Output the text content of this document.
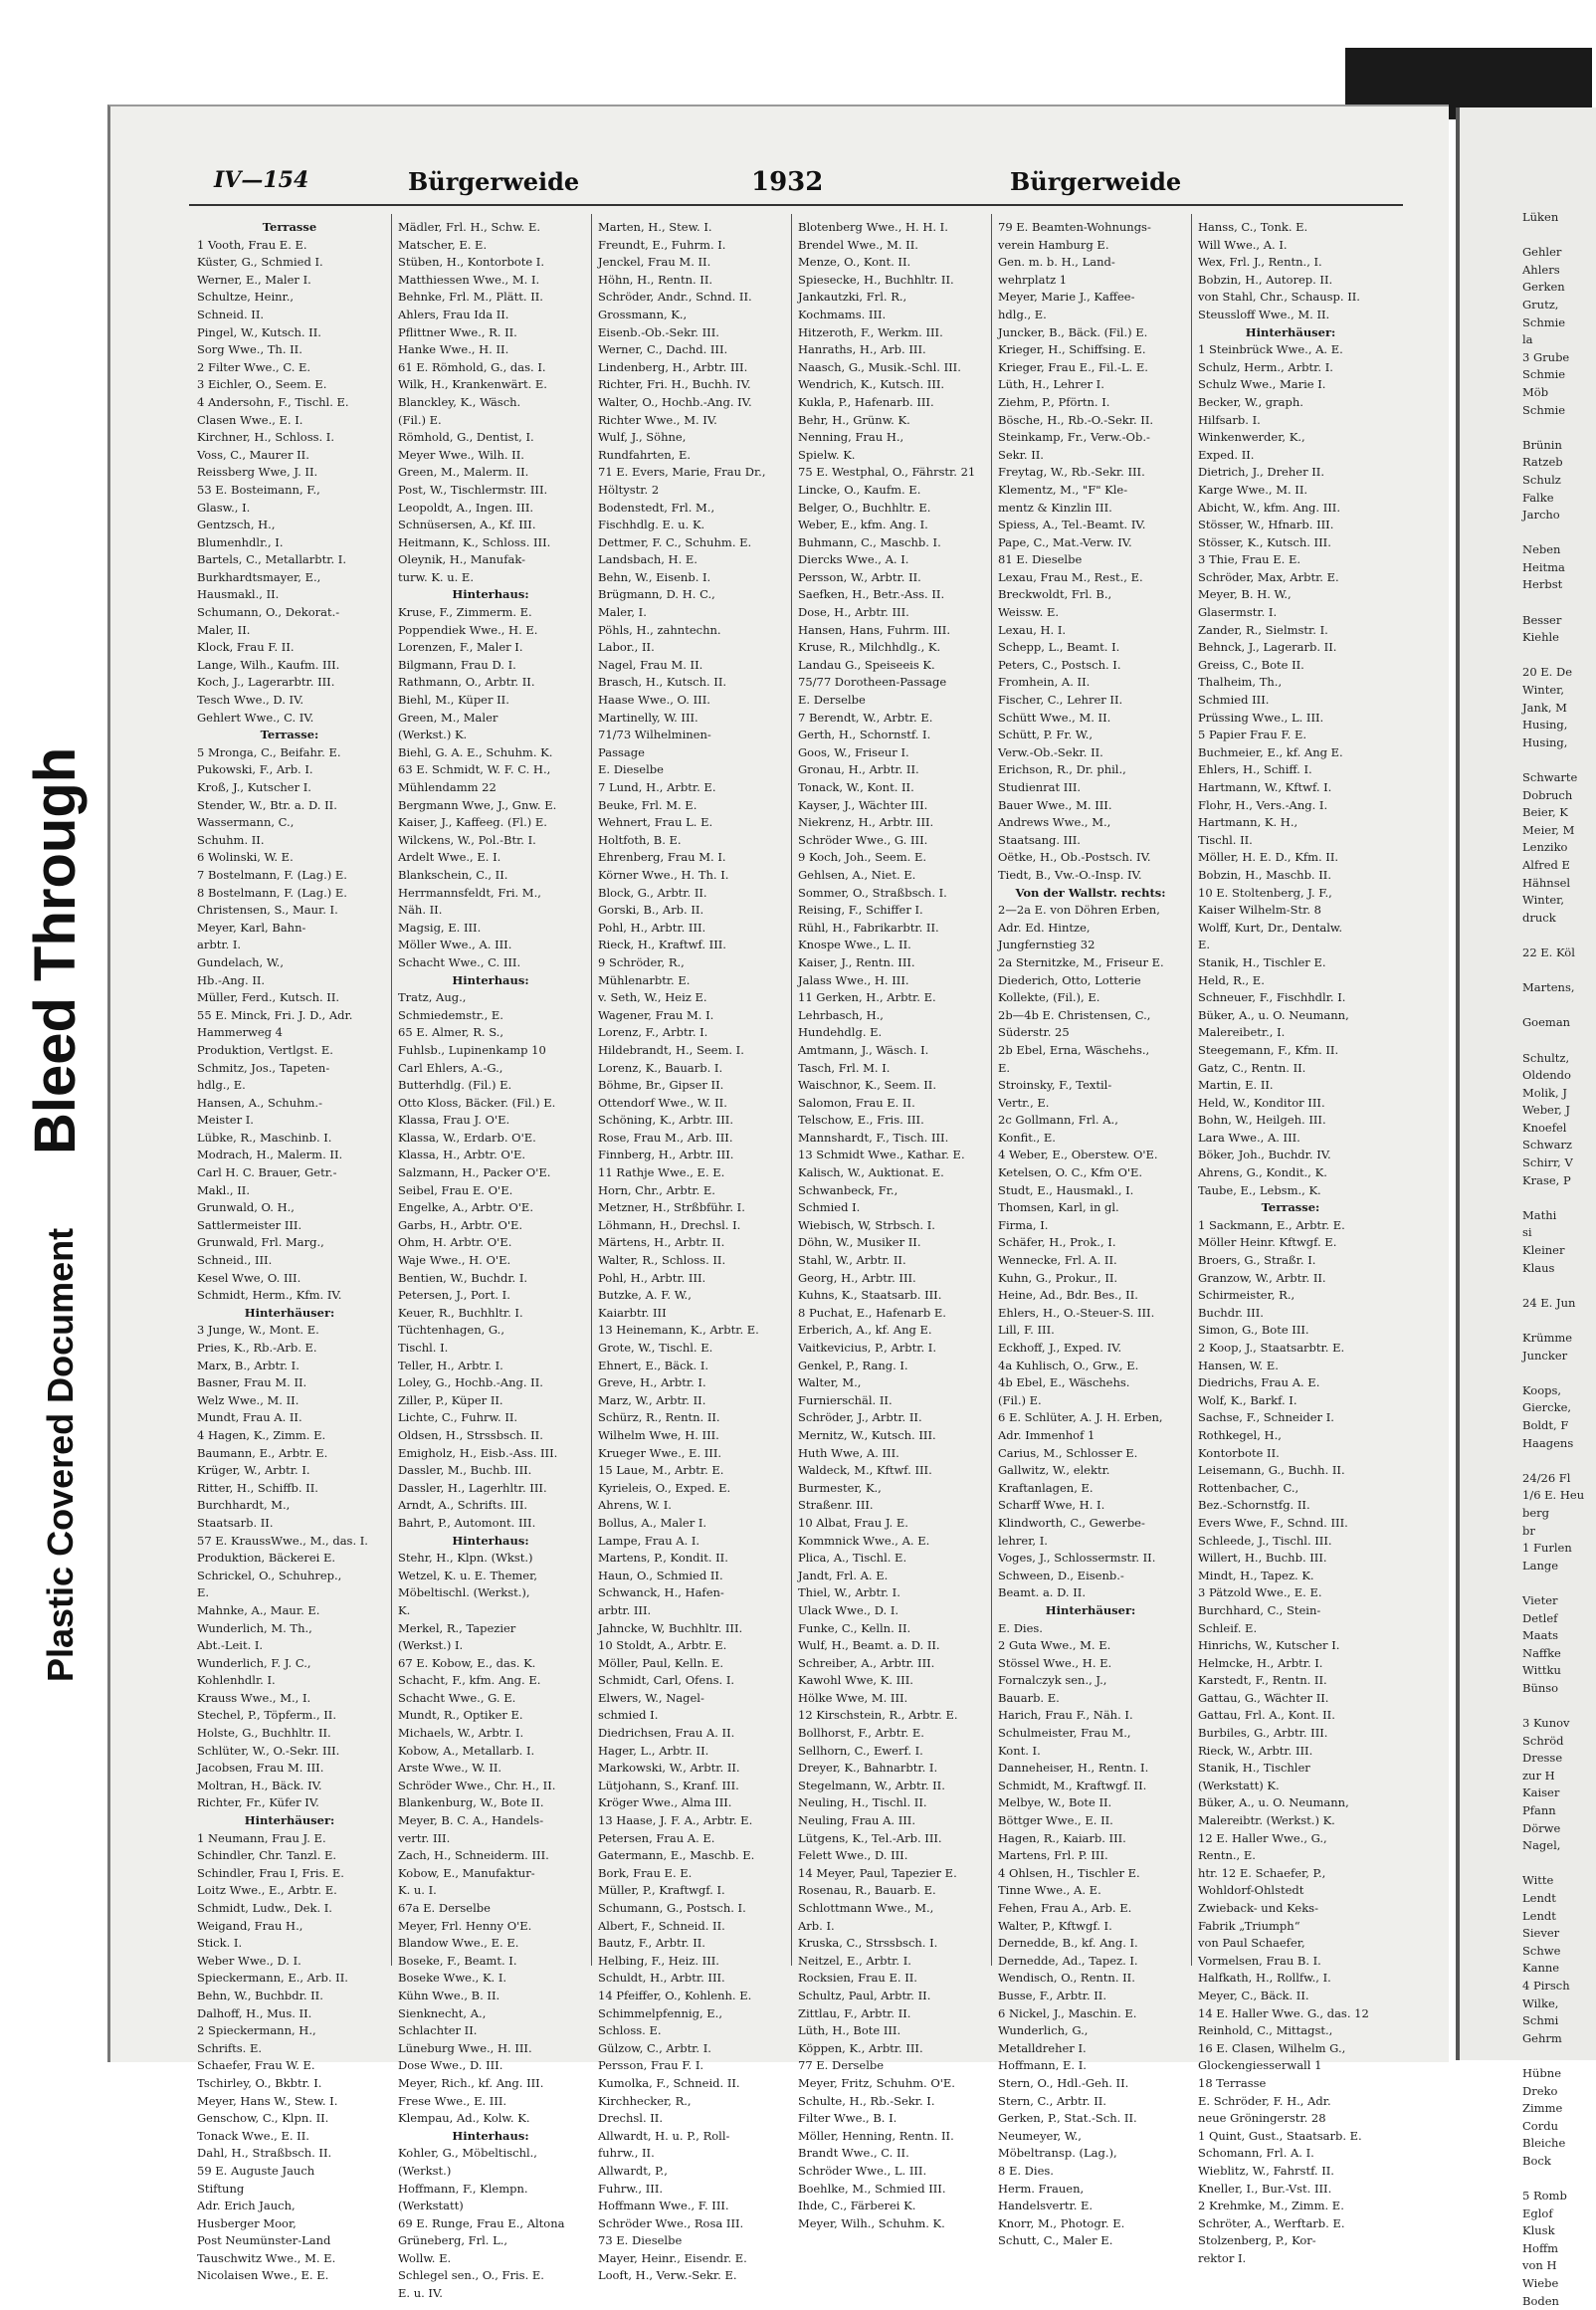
Bleed Through
Plastic Covered Document
IV—154	Bürgerweide	1932	Bürgerweide
Terrasse
1 Vooth, Frau E. E.
Küster, G., Schmied I.
Werner, E., Maler I.
Schultze, Heinr.,
Schneid. II.
Pingel, W., Kutsch. II.
Sorg Wwe., Th. II.
2 Filter Wwe., C. E.
3 Eichler, O., Seem. E.
4 Andersohn, F., Tischl. E.
Clasen Wwe., E. I.
Kirchner, H., Schloss. I.
Voss, C., Maurer II.
Reissberg Wwe, J. II.
53 E. Bosteimann, F.,
Glasw., I.
Gentzsch, H.,
Blumenhdlr., I.
Bartels, C., Metallarbtr. I.
Burkhardtsmayer, E.,
Hausmakl., II.
Schumann, O., Dekorat.-
Maler, II.
Klock, Frau F. II.
Lange, Wilh., Kaufm. III.
Koch, J., Lagerarbtr. III.
Tesch Wwe., D. IV.
Gehlert Wwe., C. IV.
Terrasse:
5 Mronga, C., Beifahr. E.
Pukowski, F., Arb. I.
Kroß, J., Kutscher I.
Stender, W., Btr. a. D. II.
Wassermann, C.,
Schuhm. II.
6 Wolinski, W. E.
7 Bostelmann, F. (Lag.) E.
8 Bostelmann, F. (Lag.) E.
Christensen, S., Maur. I.
Meyer, Karl, Bahn-
arbtr. I.
Gundelach, W.,
Hb.-Ang. II.
Müller, Ferd., Kutsch. II.
55 E. Minck, Fri. J. D., Adr.
Hammerweg 4
Produktion, Vertlgst. E.
Schmitz, Jos., Tapeten-
hdlg., E.
Hansen, A., Schuhm.-
Meister I.
Lübke, R., Maschinb. I.
Modrach, H., Malerm. II.
Carl H. C. Brauer, Getr.-
Makl., II.
Grunwald, O. H.,
Sattlermeister III.
Grunwald, Frl. Marg.,
Schneid., III.
Kesel Wwe, O. III.
Schmidt, Herm., Kfm. IV.
Hinterhäuser:
3 Junge, W., Mont. E.
Pries, K., Rb.-Arb. E.
Marx, B., Arbtr. I.
Basner, Frau M. II.
Welz Wwe., M. II.
Mundt, Frau A. II.
4 Hagen, K., Zimm. E.
Baumann, E., Arbtr. E.
Krüger, W., Arbtr. I.
Ritter, H., Schiffb. II.
Burchhardt, M.,
Staatsarb. II.
57 E. KraussWwe., M., das. I.
Produktion, Bäckerei E.
Schrickel, O., Schuhrep.,
E.
Mahnke, A., Maur. E.
Wunderlich, M. Th.,
Abt.-Leit. I.
Wunderlich, F. J. C.,
Kohlenhdlr. I.
Krauss Wwe., M., I.
Stechel, P., Töpferm., II.
Holste, G., Buchhltr. II.
Schlüter, W., O.-Sekr. III.
Jacobsen, Frau M. III.
Moltran, H., Bäck. IV.
Richter, Fr., Küfer IV.
Hinterhäuser:
1 Neumann, Frau J. E.
Schindler, Chr. Tanzl. E.
Schindler, Frau I, Fris. E.
Loitz Wwe., E., Arbtr. E.
Schmidt, Ludw., Dek. I.
Weigand, Frau H.,
Stick. I.
Weber Wwe., D. I.
Spieckermann, E., Arb. II.
Behn, W., Buchbdr. II.
Dalhoff, H., Mus. II.
2 Spieckermann, H.,
Schrifts. E.
Schaefer, Frau W. E.
Tschirley, O., Bkbtr. I.
Meyer, Hans W., Stew. I.
Genschow, C., Klpn. II.
Tonack Wwe., E. II.
Dahl, H., Straßbsch. II.
59 E. Auguste Jauch
Stiftung
Adr. Erich Jauch,
Husberger Moor,
Post Neumünster-Land
Tauschwitz Wwe., M. E.
Nicolaisen Wwe., E. E.
Mädler, Frl. H., Schw. E.
Matscher, E. E.
Stüben, H., Kontorbote I.
Matthiessen Wwe., M. I.
Behnke, Frl. M., Plätt. II.
Ahlers, Frau Ida II.
Pflittner Wwe., R. II.
Hanke Wwe., H. II.
61 E. Römhold, G., das. I.
Wilk, H., Krankenwärt. E.
Blanckley, K., Wäsch.
(Fil.) E.
Römhold, G., Dentist, I.
Meyer Wwe., Wilh. II.
Green, M., Malerm. II.
Post, W., Tischlermstr. III.
Leopoldt, A., Ingen. III.
Schnüsersen, A., Kf. III.
Heitmann, K., Schloss. III.
Oleynik, H., Manufak-
turw. K. u. E.
Hinterhaus:
Kruse, F., Zimmerm. E.
Poppendiek Wwe., H. E.
Lorenzen, F., Maler I.
Bilgmann, Frau D. I.
Rathmann, O., Arbtr. II.
Biehl, M., Küper II.
Green, M., Maler
(Werkst.) K.
Biehl, G. A. E., Schuhm. K.
63 E. Schmidt, W. F. C. H.,
Mühlendamm 22
Bergmann Wwe, J., Gnw. E.
Kaiser, J., Kaffeeg. (Fl.) E.
Wilckens, W., Pol.-Btr. I.
Ardelt Wwe., E. I.
Blankschein, C., II.
Herrmannsfeldt, Fri. M.,
Näh. II.
Magsig, E. III.
Möller Wwe., A. III.
Schacht Wwe., C. III.
Hinterhaus:
Tratz, Aug.,
Schmiedemstr., E.
65 E. Almer, R. S.,
Fuhlsb., Lupinenkamp 10
Carl Ehlers, A.-G.,
Butterhdlg. (Fil.) E.
Otto Kloss, Bäcker. (Fil.) E.
Klassa, Frau J. O'E.
Klassa, W., Erdarb. O'E.
Klassa, H., Arbtr. O'E.
Salzmann, H., Packer O'E.
Seibel, Frau E. O'E.
Engelke, A., Arbtr. O'E.
Garbs, H., Arbtr. O'E.
Ohm, H. Arbtr. O'E.
Waje Wwe., H. O'E.
Bentien, W., Buchdr. I.
Petersen, J., Port. I.
Keuer, R., Buchhltr. I.
Tüchtenhagen, G.,
Tischl. I.
Teller, H., Arbtr. I.
Loley, G., Hochb.-Ang. II.
Ziller, P., Küper II.
Lichte, C., Fuhrw. II.
Oldsen, H., Strssbsch. II.
Emigholz, H., Eisb.-Ass. III.
Dassler, M., Buchb. III.
Dassler, H., Lagerhltr. III.
Arndt, A., Schrifts. III.
Bahrt, P., Automont. III.
Hinterhaus:
Stehr, H., Klpn. (Wkst.)
Wetzel, K. u. E. Themer,
Möbeltischl. (Werkst.),
K.
Merkel, R., Tapezier
(Werkst.) I.
67 E. Kobow, E., das. K.
Schacht, F., kfm. Ang. E.
Schacht Wwe., G. E.
Mundt, R., Optiker E.
Michaels, W., Arbtr. I.
Kobow, A., Metallarb. I.
Arste Wwe., W. II.
Schröder Wwe., Chr. H., II.
Blankenburg, W., Bote II.
Meyer, B. C. A., Handels-
vertr. III.
Zach, H., Schneiderm. III.
Kobow, E., Manufaktur-
K. u. I.
67a E. Derselbe
Meyer, Frl. Henny O'E.
Blandow Wwe., E. E.
Boseke, F., Beamt. I.
Boseke Wwe., K. I.
Kühn Wwe., B. II.
Sienknecht, A.,
Schlachter II.
Lüneburg Wwe., H. III.
Dose Wwe., D. III.
Meyer, Rich., kf. Ang. III.
Frese Wwe., E. III.
Klempau, Ad., Kolw. K.
Hinterhaus:
Kohler, G., Möbeltischl.,
(Werkst.)
Hoffmann, F., Klempn.
(Werkstatt)
69 E. Runge, Frau E., Altona
Grüneberg, Frl. L.,
Wollw. E.
Schlegel sen., O., Fris. E.
E. u. IV.
Marten, H., Stew. I.
Freundt, E., Fuhrm. I.
Jenckel, Frau M. II.
Höhn, H., Rentn. II.
Schröder, Andr., Schnd. II.
Grossmann, K.,
Eisenb.-Ob.-Sekr. III.
Werner, C., Dachd. III.
Lindenberg, H., Arbtr. III.
Richter, Fri. H., Buchh. IV.
Walter, O., Hochb.-Ang. IV.
Richter Wwe., M. IV.
Wulf, J., Söhne,
Rundfahrten, E.
71 E. Evers, Marie, Frau Dr.,
Höltystr. 2
Bodenstedt, Frl. M.,
Fischhdlg. E. u. K.
Dettmer, F. C., Schuhm. E.
Landsbach, H. E.
Behn, W., Eisenb. I.
Brügmann, D. H. C.,
Maler, I.
Pöhls, H., zahntechn.
Labor., II.
Nagel, Frau M. II.
Brasch, H., Kutsch. II.
Haase Wwe., O. III.
Martinelly, W. III.
71/73 Wilhelminen-
Passage
E. Dieselbe
7 Lund, H., Arbtr. E.
Beuke, Frl. M. E.
Wehnert, Frau L. E.
Holtfoth, B. E.
Ehrenberg, Frau M. I.
Körner Wwe., H. Th. I.
Block, G., Arbtr. II.
Gorski, B., Arb. II.
Pohl, H., Arbtr. III.
Rieck, H., Kraftwf. III.
9 Schröder, R.,
Mühlenarbtr. E.
v. Seth, W., Heiz E.
Wagener, Frau M. I.
Lorenz, F., Arbtr. I.
Hildebrandt, H., Seem. I.
Lorenz, K., Bauarb. I.
Böhme, Br., Gipser II.
Ottendorf Wwe., W. II.
Schöning, K., Arbtr. III.
Rose, Frau M., Arb. III.
Finnberg, H., Arbtr. III.
11 Rathje Wwe., E. E.
Horn, Chr., Arbtr. E.
Metzner, H., Strßbführ. I.
Löhmann, H., Drechsl. I.
Märtens, H., Arbtr. II.
Walter, R., Schloss. II.
Pohl, H., Arbtr. III.
Butzke, A. F. W.,
Kaiarbtr. III
13 Heinemann, K., Arbtr. E.
Grote, W., Tischl. E.
Ehnert, E., Bäck. I.
Greve, H., Arbtr. I.
Marz, W., Arbtr. II.
Schürz, R., Rentn. II.
Wilhelm Wwe, H. III.
Krueger Wwe., E. III.
15 Laue, M., Arbtr. E.
Kyrieleis, O., Exped. E.
Ahrens, W. I.
Bollus, A., Maler I.
Lampe, Frau A. I.
Martens, P., Kondit. II.
Haun, O., Schmied II.
Schwanck, H., Hafen-
arbtr. III.
Jahncke, W, Buchhltr. III.
10 Stoldt, A., Arbtr. E.
Möller, Paul, Kelln. E.
Schmidt, Carl, Ofens. I.
Elwers, W., Nagel-
schmied I.
Diedrichsen, Frau A. II.
Hager, L., Arbtr. II.
Markowski, W., Arbtr. II.
Lütjohann, S., Kranf. III.
Kröger Wwe., Alma III.
13 Haase, J. F. A., Arbtr. E.
Petersen, Frau A. E.
Gatermann, E., Maschb. E.
Bork, Frau E. E.
Müller, P., Kraftwgf. I.
Schumann, G., Postsch. I.
Albert, F., Schneid. II.
Bautz, F., Arbtr. II.
Helbing, F., Heiz. III.
Schuldt, H., Arbtr. III.
14 Pfeiffer, O., Kohlenh. E.
Schimmelpfennig, E.,
Schloss. E.
Gülzow, C., Arbtr. I.
Persson, Frau F. I.
Kumolka, F., Schneid. II.
Kirchhecker, R.,
Drechsl. II.
Allwardt, H. u. P., Roll-
fuhrw., II.
Allwardt, P.,
Fuhrw., III.
Hoffmann Wwe., F. III.
Schröder Wwe., Rosa III.
73 E. Dieselbe
Mayer, Heinr., Eisendr. E.
Looft, H., Verw.-Sekr. E.
Blotenberg Wwe., H. H. I.
Brendel Wwe., M. II.
Menze, O., Kont. II.
Spiesecke, H., Buchhltr. II.
Jankautzki, Frl. R.,
Kochmams. III.
Hitzeroth, F., Werkm. III.
Hanraths, H., Arb. III.
Naasch, G., Musik.-Schl. III.
Wendrich, K., Kutsch. III.
Kukla, P., Hafenarb. III.
Behr, H., Grünw. K.
Nenning, Frau H.,
Spielw. K.
75 E. Westphal, O., Fährstr. 21
Lincke, O., Kaufm. E.
Belger, O., Buchhltr. E.
Weber, E., kfm. Ang. I.
Buhmann, C., Maschb. I.
Diercks Wwe., A. I.
Persson, W., Arbtr. II.
Saefken, H., Betr.-Ass. II.
Dose, H., Arbtr. III.
Hansen, Hans, Fuhrm. III.
Kruse, R., Milchhdlg., K.
Landau G., Speiseeis K.
75/77 Dorotheen-Passage
E. Derselbe
7 Berendt, W., Arbtr. E.
Gerth, H., Schornstf. I.
Goos, W., Friseur I.
Gronau, H., Arbtr. II.
Tonack, W., Kont. II.
Kayser, J., Wächter III.
Niekrenz, H., Arbtr. III.
Schröder Wwe., G. III.
9 Koch, Joh., Seem. E.
Gehlsen, A., Niet. E.
Sommer, O., Straßbsch. I.
Reising, F., Schiffer I.
Rühl, H., Fabrikarbtr. II.
Knospe Wwe., L. II.
Kaiser, J., Rentn. III.
Jalass Wwe., H. III.
11 Gerken, H., Arbtr. E.
Lehrbasch, H.,
Hundehdlg. E.
Amtmann, J., Wäsch. I.
Tasch, Frl. M. I.
Waischnor, K., Seem. II.
Salomon, Frau E. II.
Telschow, E., Fris. III.
Mannshardt, F., Tisch. III.
13 Schmidt Wwe., Kathar. E.
Kalisch, W., Auktionat. E.
Schwanbeck, Fr.,
Schmied I.
Wiebisch, W, Strbsch. I.
Döhn, W., Musiker II.
Stahl, W., Arbtr. II.
Georg, H., Arbtr. III.
Kuhns, K., Staatsarb. III.
8 Puchat, E., Hafenarb E.
Erberich, A., kf. Ang E.
Vaitkevicius, P., Arbtr. I.
Genkel, P., Rang. I.
Walter, M.,
Furnierschäl. II.
Schröder, J., Arbtr. II.
Mernitz, W., Kutsch. III.
Huth Wwe, A. III.
Waldeck, M., Kftwf. III.
Burmester, K.,
Straßenr. III.
10 Albat, Frau J. E.
Kommnick Wwe., A. E.
Plica, A., Tischl. E.
Jandt, Frl. A. E.
Thiel, W., Arbtr. I.
Ulack Wwe., D. I.
Funke, C., Kelln. II.
Wulf, H., Beamt. a. D. II.
Schreiber, A., Arbtr. III.
Kawohl Wwe, K. III.
Hölke Wwe, M. III.
12 Kirschstein, R., Arbtr. E.
Bollhorst, F., Arbtr. E.
Sellhorn, C., Ewerf. I.
Dreyer, K., Bahnarbtr. I.
Stegelmann, W., Arbtr. II.
Neuling, H., Tischl. II.
Neuling, Frau A. III.
Lütgens, K., Tel.-Arb. III.
Felett Wwe., D. III.
14 Meyer, Paul, Tapezier E.
Rosenau, R., Bauarb. E.
Schlottmann Wwe., M.,
Arb. I.
Kruska, C., Strssbsch. I.
Neitzel, E., Arbtr. I.
Rocksien, Frau E. II.
Schultz, Paul, Arbtr. II.
Zittlau, F., Arbtr. II.
Lüth, H., Bote III.
Köppen, K., Arbtr. III.
77 E. Derselbe
Meyer, Fritz, Schuhm. O'E.
Schulte, H., Rb.-Sekr. I.
Filter Wwe., B. I.
Möller, Henning, Rentn. II.
Brandt Wwe., C. II.
Schröder Wwe., L. III.
Boehlke, M., Schmied III.
Ihde, C., Färberei K.
Meyer, Wilh., Schuhm. K.
79 E. Beamten-Wohnungs-
verein Hamburg E.
Gen. m. b. H., Land-
wehrplatz 1
Meyer, Marie J., Kaffee-
hdlg., E.
Juncker, B., Bäck. (Fil.) E.
Krieger, H., Schiffsing. E.
Krieger, Frau E., Fil.-L. E.
Lüth, H., Lehrer I.
Ziehm, P., Pförtn. I.
Bösche, H., Rb.-O.-Sekr. II.
Steinkamp, Fr., Verw.-Ob.-
Sekr. II.
Freytag, W., Rb.-Sekr. III.
Klementz, M., "F" Kle-
mentz & Kinzlin III.
Spiess, A., Tel.-Beamt. IV.
Pape, C., Mat.-Verw. IV.
81 E. Dieselbe
Lexau, Frau M., Rest., E.
Breckwoldt, Frl. B.,
Weissw. E.
Lexau, H. I.
Schepp, L., Beamt. I.
Peters, C., Postsch. I.
Fromhein, A. II.
Fischer, C., Lehrer II.
Schütt Wwe., M. II.
Schütt, P. Fr. W.,
Verw.-Ob.-Sekr. II.
Erichson, R., Dr. phil.,
Studienrat III.
Bauer Wwe., M. III.
Andrews Wwe., M.,
Staatsang. III.
Oëtke, H., Ob.-Postsch. IV.
Tiedt, B., Vw.-O.-Insp. IV.
Von der Wallstr. rechts:
2—2a E. von Döhren Erben,
Adr. Ed. Hintze,
Jungfernstieg 32
2a Sternitzke, M., Friseur E.
Diederich, Otto, Lotterie
Kollekte, (Fil.), E.
2b—4b E. Christensen, C.,
Süderstr. 25
2b Ebel, Erna, Wäschehs.,
E.
Stroinsky, F., Textil-
Vertr., E.
2c Gollmann, Frl. A.,
Konfit., E.
4 Weber, E., Oberstew. O'E.
Ketelsen, O. C., Kfm O'E.
Studt, E., Hausmakl., I.
Thomsen, Karl, in gl.
Firma, I.
Schäfer, H., Prok., I.
Wennecke, Frl. A. II.
Kuhn, G., Prokur., II.
Heine, Ad., Bdr. Bes., II.
Ehlers, H., O.-Steuer-S. III.
Lill, F. III.
Eckhoff, J., Exped. IV.
4a Kuhlisch, O., Grw., E.
4b Ebel, E., Wäschehs.
(Fil.) E.
6 E. Schlüter, A. J. H. Erben,
Adr. Immenhof 1
Carius, M., Schlosser E.
Gallwitz, W., elektr.
Kraftanlagen, E.
Scharff Wwe, H. I.
Klindworth, C., Gewerbe-
lehrer, I.
Voges, J., Schlossermstr. II.
Schween, D., Eisenb.-
Beamt. a. D. II.
Hinterhäuser:
E. Dies.
2 Guta Wwe., M. E.
Stössel Wwe., H. E.
Fornalczyk sen., J.,
Bauarb. E.
Harich, Frau F., Näh. I.
Schulmeister, Frau M.,
Kont. I.
Danneheiser, H., Rentn. I.
Schmidt, M., Kraftwgf. II.
Melbye, W., Bote II.
Böttger Wwe., E. II.
Hagen, R., Kaiarb. III.
Martens, Frl. P. III.
4 Ohlsen, H., Tischler E.
Tinne Wwe., A. E.
Fehen, Frau A., Arb. E.
Walter, P., Kftwgf. I.
Dernedde, B., kf. Ang. I.
Dernedde, Ad., Tapez. I.
Wendisch, O., Rentn. II.
Busse, F., Arbtr. II.
6 Nickel, J., Maschin. E.
Wunderlich, G.,
Metalldreher I.
Hoffmann, E. I.
Stern, O., Hdl.-Geh. II.
Stern, C., Arbtr. II.
Gerken, P., Stat.-Sch. II.
Neumeyer, W.,
Möbeltransp. (Lag.),
8 E. Dies.
Herm. Frauen,
Handelsvertr. E.
Knorr, M., Photogr. E.
Schutt, C., Maler E.
Hanss, C., Tonk. E.
Will Wwe., A. I.
Wex, Frl. J., Rentn., I.
Bobzin, H., Autorep. II.
von Stahl, Chr., Schausp. II.
Steussloff Wwe., M. II.
Hinterhäuser:
1 Steinbrück Wwe., A. E.
Schulz, Herm., Arbtr. I.
Schulz Wwe., Marie I.
Becker, W., graph.
Hilfsarb. I.
Winkenwerder, K.,
Exped. II.
Dietrich, J., Dreher II.
Karge Wwe., M. II.
Abicht, W., kfm. Ang. III.
Stösser, W., Hfnarb. III.
Stösser, K., Kutsch. III.
3 Thie, Frau E. E.
Schröder, Max, Arbtr. E.
Meyer, B. H. W.,
Glasermstr. I.
Zander, R., Sielmstr. I.
Behnck, J., Lagerarb. II.
Greiss, C., Bote II.
Thalheim, Th.,
Schmied III.
Prüssing Wwe., L. III.
5 Papier Frau F. E.
Buchmeier, E., kf. Ang E.
Ehlers, H., Schiff. I.
Hartmann, W., Kftwf. I.
Flohr, H., Vers.-Ang. I.
Hartmann, K. H.,
Tischl. II.
Möller, H. E. D., Kfm. II.
Bobzin, H., Maschb. II.
10 E. Stoltenberg, J. F.,
Kaiser Wilhelm-Str. 8
Wolff, Kurt, Dr., Dentalw.
E.
Stanik, H., Tischler E.
Held, R., E.
Schneuer, F., Fischhdlr. I.
Büker, A., u. O. Neumann,
Malereibetr., I.
Steegemann, F., Kfm. II.
Gatz, C., Rentn. II.
Martin, E. II.
Held, W., Konditor III.
Bohn, W., Heilgeh. III.
Lara Wwe., A. III.
Böker, Joh., Buchdr. IV.
Ahrens, G., Kondit., K.
Taube, E., Lebsm., K.
Terrasse:
1 Sackmann, E., Arbtr. E.
Möller Heinr. Kftwgf. E.
Broers, G., Straßr. I.
Granzow, W., Arbtr. II.
Schirmeister, R.,
Buchdr. III.
Simon, G., Bote III.
2 Koop, J., Staatsarbtr. E.
Hansen, W. E.
Diedrichs, Frau A. E.
Wolf, K., Barkf. I.
Sachse, F., Schneider I.
Rothkegel, H.,
Kontorbote II.
Leisemann, G., Buchh. II.
Rottenbacher, C.,
Bez.-Schornstfg. II.
Evers Wwe, F., Schnd. III.
Schleede, J., Tischl. III.
Willert, H., Buchb. III.
Mindt, H., Tapez. K.
3 Pätzold Wwe., E. E.
Burchhard, C., Stein-
Schleif. E.
Hinrichs, W., Kutscher I.
Helmcke, H., Arbtr. I.
Karstedt, F., Rentn. II.
Gattau, G., Wächter II.
Gattau, Frl. A., Kont. II.
Burbiles, G., Arbtr. III.
Rieck, W., Arbtr. III.
Stanik, H., Tischler
(Werkstatt) K.
Büker, A., u. O. Neumann,
Malereibtr. (Werkst.) K.
12 E. Haller Wwe., G.,
Rentn., E.
htr. 12 E. Schaefer, P.,
Wohldorf-Ohlstedt
Zwieback- und Keks-
Fabrik „Triumph“
von Paul Schaefer,
Vormelsen, Frau B. I.
Halfkath, H., Rollfw., I.
Meyer, C., Bäck. II.
14 E. Haller Wwe. G., das. 12
Reinhold, C., Mittagst.,
16 E. Clasen, Wilhelm G.,
Glockengiesserwall 1
18 Terrasse
E. Schröder, F. H., Adr.
neue Gröningerstr. 28
1 Quint, Gust., Staatsarb. E.
Schomann, Frl. A. I.
Wieblitz, W., Fahrstf. II.
Kneller, I., Bur.-Vst. III.
2 Krehmke, M., Zimm. E.
Schröter, A., Werftarb. E.
Stolzenberg, P., Kor-
rektor I.
Lüken

Gehler
Ahlers
Gerken
Grutz,
Schmie
la
3 Grube
Schmie
Möb
Schmie

Brünin
Ratzeb
Schulz
Falke
Jarcho

Neben
Heitma
Herbst

Besser
Kiehle

20 E. De
Winter,
Jank, M
Husing,
Husing,

Schwarte
Dobruch
Beier, K
Meier, M
Lenziko
Alfred E
Hähnsel
Winter,
druck

22 E. Köl

Martens,

Goeman

Schultz,
Oldendo
Molik, J
Weber, J
Knoefel
Schwarz
Schirr, V
Krase, P

Mathi
si
Kleiner
Klaus

24 E. Jun

Krümme
Juncker

Koops,
Giercke,
Boldt, F
Haagens

24/26 Fl
1/6 E. Heu
berg
br
1 Furlen
Lange

Vieter
Detlef
Maats
Naffke
Wittku
Bünso

3 Kunov
Schröd
Dresse
zur H
Kaiser
Pfann
Dörwe
Nagel,

Witte
Lendt
Lendt
Siever
Schwe
Kanne
4 Pirsch
Wilke,
Schmi
Gehrm

Hübne
Dreko
Zimme
Cordu
Bleiche
Bock

5 Romb
Eglof
Klusk
Hoffm
von H
Wiebe
Boden
